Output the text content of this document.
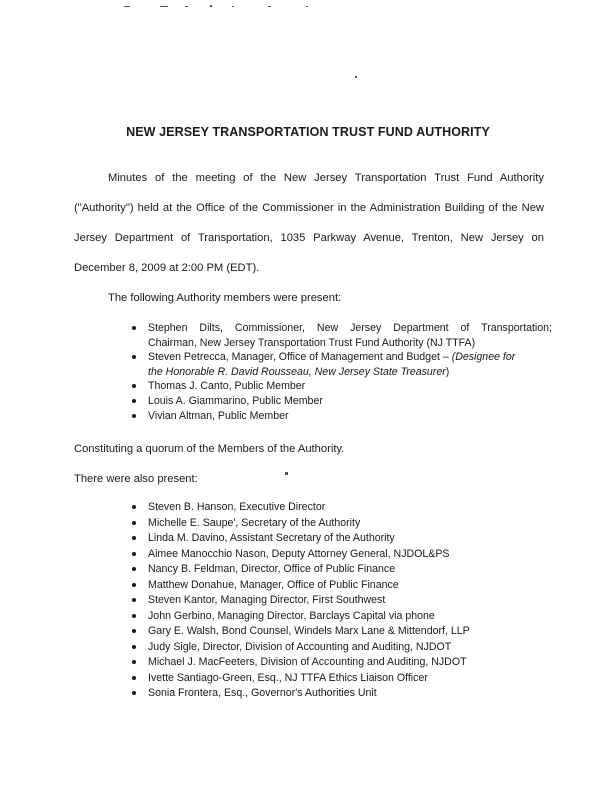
NEW JERSEY TRANSPORTATION TRUST FUND AUTHORITY
Minutes of the meeting of the New Jersey Transportation Trust Fund Authority
("Authority") held at the Office of the Commissioner in the Administration Building of the New
Jersey Department of Transportation, 1035 Parkway Avenue, Trenton, New Jersey on
December 8, 2009 at 2:00 PM (EDT).
The following Authority members were present:
Stephen Dilts, Commissioner, New Jersey Department of Transportation;
Chairman, New Jersey Transportation Trust Fund Authority (NJ TTFA)
Steven Petrecca, Manager, Office of Management and Budget – (Designee for
the Honorable R. David Rousseau, New Jersey State Treasurer)
Thomas J. Canto, Public Member
Louis A. Giammarino, Public Member
Vivian Altman, Public Member
Constituting a quorum of the Members of the Authority.
There were also present:
Steven B. Hanson, Executive Director
Michelle E. Saupe', Secretary of the Authority
Linda M. Davino, Assistant Secretary of the Authority
Aimee Manocchio Nason, Deputy Attorney General, NJDOL&PS
Nancy B. Feldman, Director, Office of Public Finance
Matthew Donahue, Manager, Office of Public Finance
Steven Kantor, Managing Director, First Southwest
John Gerbino, Managing Director, Barclays Capital via phone
Gary E. Walsh, Bond Counsel, Windels Marx Lane & Mittendorf, LLP
Judy Sigle, Director, Division of Accounting and Auditing, NJDOT
Michael J. MacFeeters, Division of Accounting and Auditing, NJDOT
Ivette Santiago-Green, Esq., NJ TTFA Ethics Liaison Officer
Sonia Frontera, Esq., Governor's Authorities Unit
